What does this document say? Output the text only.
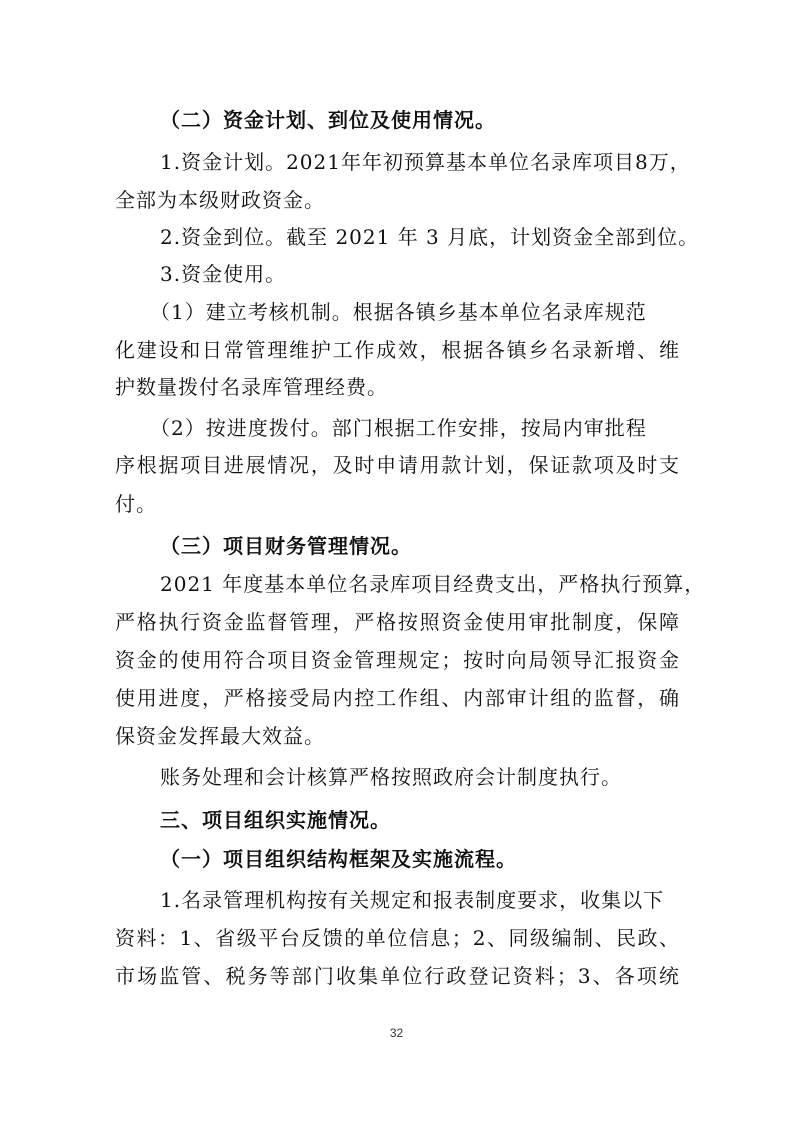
（二）资金计划、到位及使用情况。
1.资金计划。2021年年初预算基本单位名录库项目8万，
全部为本级财政资金。
2.资金到位。截至 2021 年 3 月底，计划资金全部到位。
3.资金使用。
（1）建立考核机制。根据各镇乡基本单位名录库规范
化建设和日常管理维护工作成效，根据各镇乡名录新增、维
护数量拨付名录库管理经费。
（2）按进度拨付。部门根据工作安排，按局内审批程
序根据项目进展情况，及时申请用款计划，保证款项及时支
付。
（三）项目财务管理情况。
2021 年度基本单位名录库项目经费支出，严格执行预算，
严格执行资金监督管理，严格按照资金使用审批制度，保障
资金的使用符合项目资金管理规定；按时向局领导汇报资金
使用进度，严格接受局内控工作组、内部审计组的监督，确
保资金发挥最大效益。
账务处理和会计核算严格按照政府会计制度执行。
三、项目组织实施情况。
（一）项目组织结构框架及实施流程。
1.名录管理机构按有关规定和报表制度要求，收集以下
资料：1、省级平台反馈的单位信息；2、同级编制、民政、
市场监管、税务等部门收集单位行政登记资料；3、各项统
32
